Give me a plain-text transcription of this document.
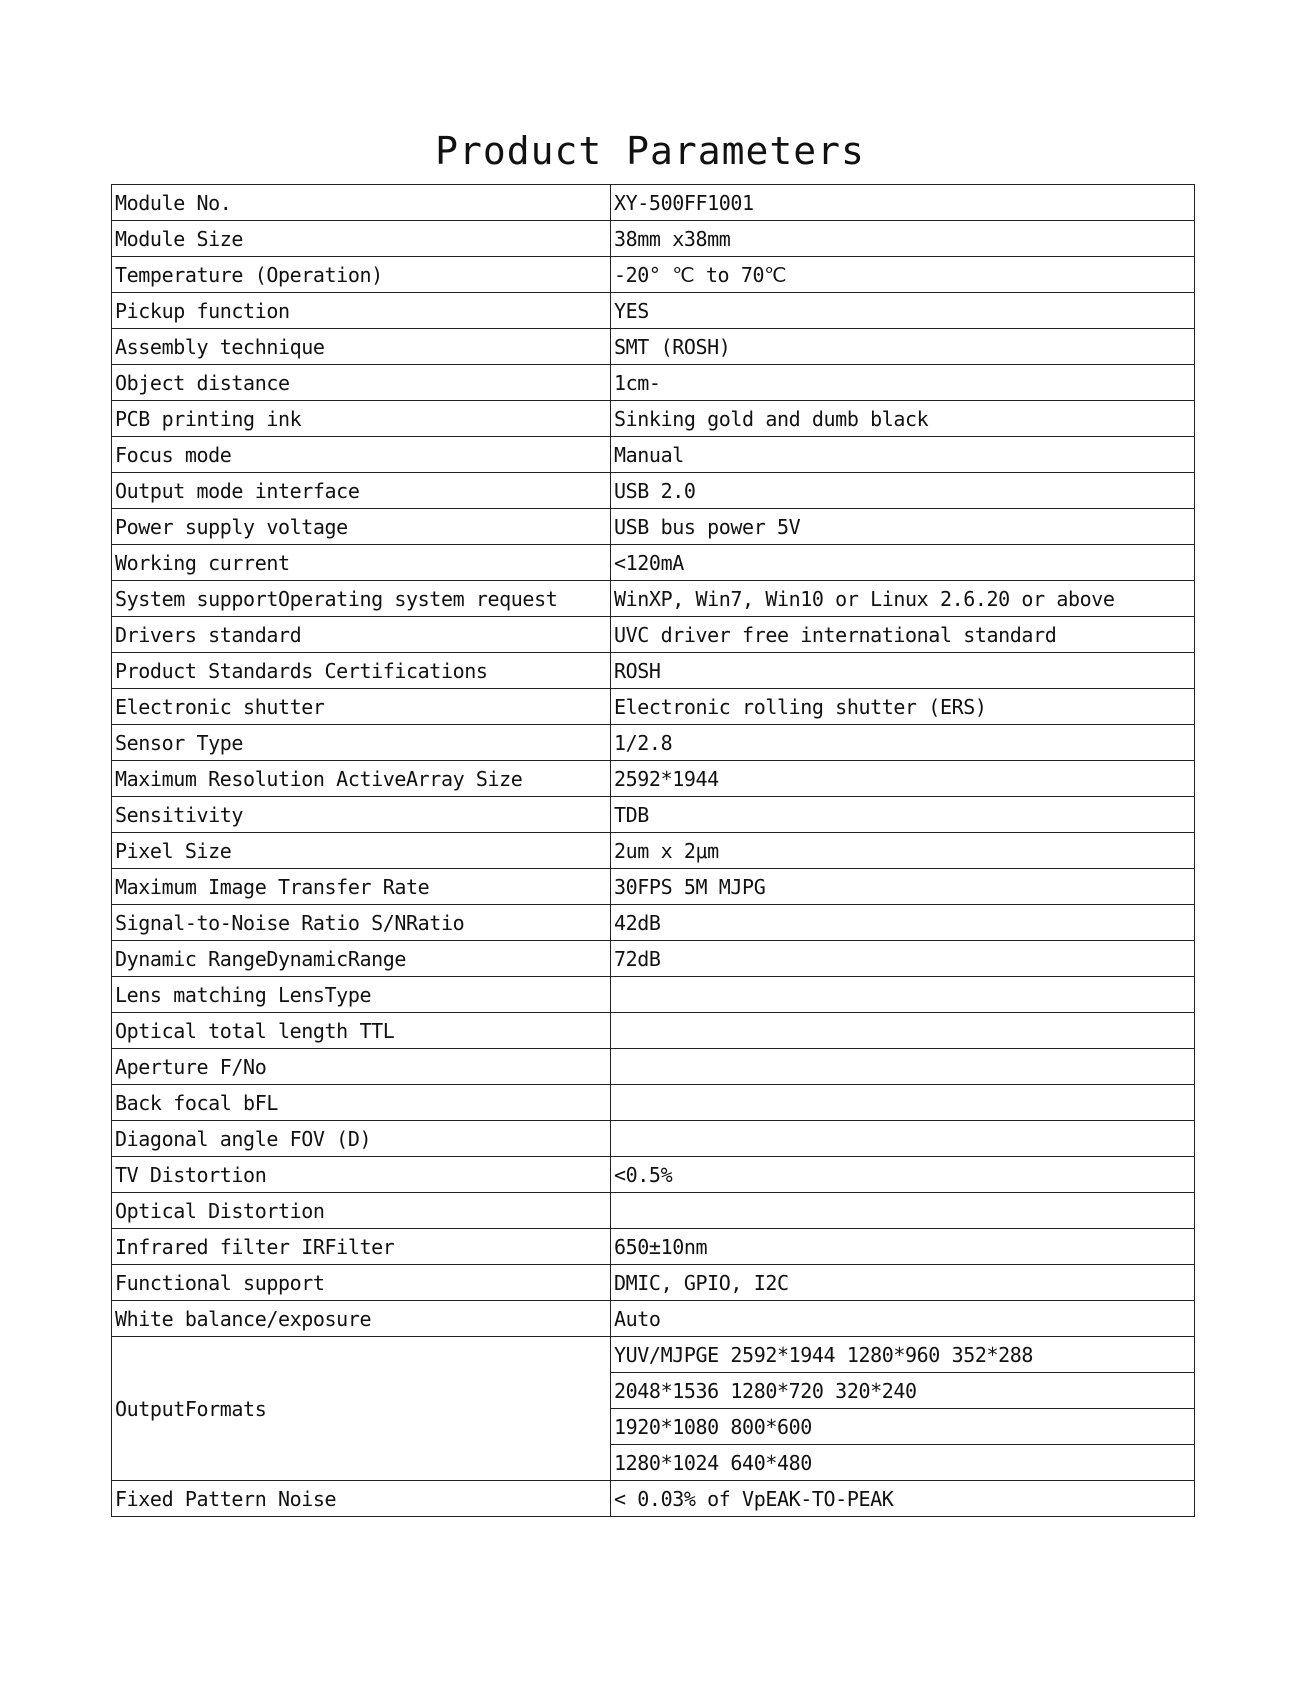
Product Parameters
Module No.	XY-500FF1001
Module Size	38mm x38mm
Temperature (Operation)	-20° ℃ to 70℃
Pickup function	YES
Assembly technique	SMT (ROSH)
Object distance	1cm-
PCB printing ink	Sinking gold and dumb black
Focus mode	Manual
Output mode interface	USB 2.0
Power supply voltage	USB bus power 5V
Working current	<120mA
System supportOperating system request	WinXP, Win7, Win10 or Linux 2.6.20 or above
Drivers standard	UVC driver free international standard
Product Standards Certifications	ROSH
Electronic shutter	Electronic rolling shutter (ERS)
Sensor Type	1/2.8
Maximum Resolution ActiveArray Size	2592*1944
Sensitivity	TDB
Pixel Size	2um x 2μm
Maximum Image Transfer Rate	30FPS 5M MJPG
Signal-to-Noise Ratio S/NRatio	42dB
Dynamic RangeDynamicRange	72dB
Lens matching LensType	
Optical total length TTL	
Aperture F/No	
Back focal bFL	
Diagonal angle FOV (D)	
TV Distortion	<0.5%
Optical Distortion	
Infrared filter IRFilter	650±10nm
Functional support	DMIC, GPIO, I2C
White balance/exposure	Auto
OutputFormats	YUV/MJPGE 2592*1944 1280*960 352*288
	2048*1536 1280*720 320*240
	1920*1080 800*600
	1280*1024 640*480
Fixed Pattern Noise	< 0.03% of VpEAK-TO-PEAK
